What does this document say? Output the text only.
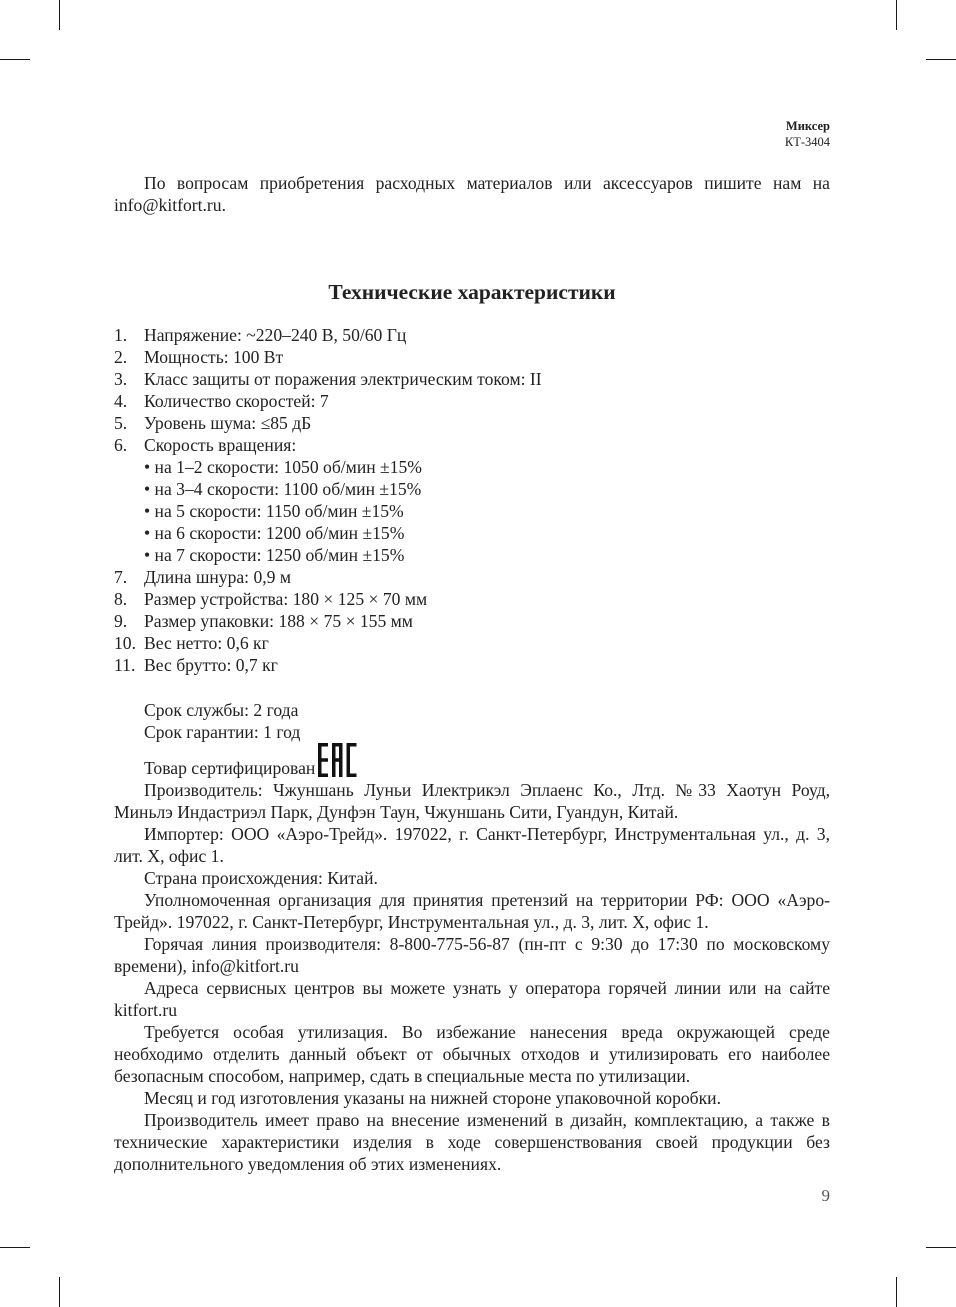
Миксер
КТ-3404

По вопросам приобретения расходных материалов или аксессуаров пишите нам на info@kitfort.ru.

Технические характеристики
1. Напряжение: ~220–240 В, 50/60 Гц
2. Мощность: 100 Вт
3. Класс защиты от поражения электрическим током: II
4. Количество скоростей: 7
5. Уровень шума: ≤85 дБ
6. Скорость вращения:
• на 1–2 скорости: 1050 об/мин ±15%
• на 3–4 скорости: 1100 об/мин ±15%
• на 5 скорости: 1150 об/мин ±15%
• на 6 скорости: 1200 об/мин ±15%
• на 7 скорости: 1250 об/мин ±15%
7. Длина шнура: 0,9 м
8. Размер устройства: 180 × 125 × 70 мм
9. Размер упаковки: 188 × 75 × 155 мм
10. Вес нетто: 0,6 кг
11. Вес брутто: 0,7 кг

Срок службы: 2 года

Срок гарантии: 1 год

Товар сертифицирован

Производитель: Чжуншань Луньи Илектрикэл Эплаенс Ко., Лтд. №33 Хаотун Роуд, Миньлэ Индастриэл Парк, Дунфэн Таун, Чжуншань Сити, Гуандун, Китай.

Импортер: ООО «Аэро-Трейд». 197022, г. Санкт-Петербург, Инструментальная ул., д. 3, лит. Х, офис 1.

Страна происхождения: Китай.

Уполномоченная организация для принятия претензий на территории РФ: ООО «Аэро-Трейд». 197022, г. Санкт-Петербург, Инструментальная ул., д. 3, лит. Х, офис 1.

Горячая линия производителя: 8-800-775-56-87 (пн-пт с 9:30 до 17:30 по московскому времени), info@kitfort.ru

Адреса сервисных центров вы можете узнать у оператора горячей линии или на сайте kitfort.ru

Требуется особая утилизация. Во избежание нанесения вреда окружающей среде необходимо отделить данный объект от обычных отходов и утилизировать его наиболее безопасным способом, например, сдать в специальные места по утилизации.

Месяц и год изготовления указаны на нижней стороне упаковочной коробки.

Производитель имеет право на внесение изменений в дизайн, комплектацию, а также в технические характеристики изделия в ходе совершенствования своей продукции без дополнительного уведомления об этих изменениях.

9
